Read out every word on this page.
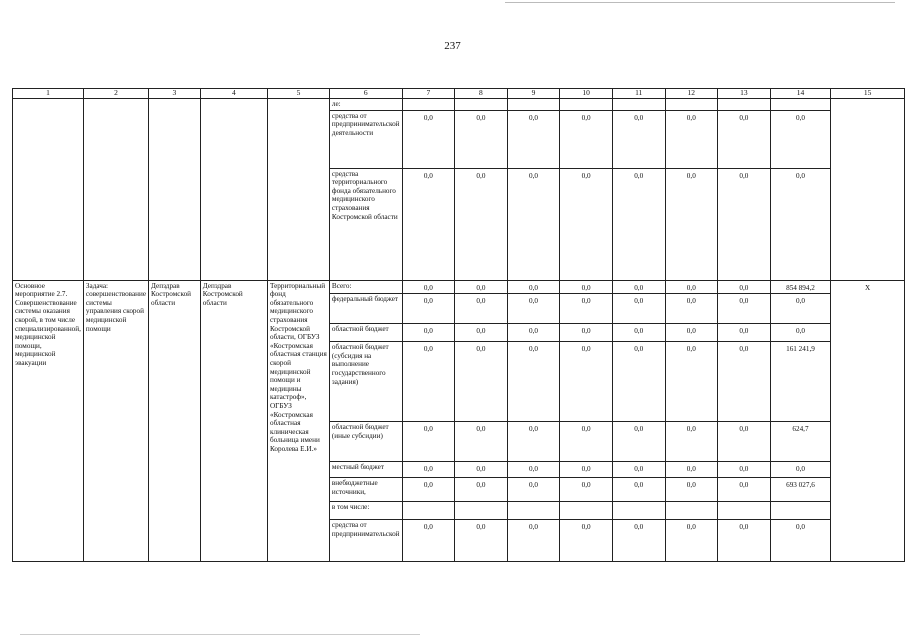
237
1	2	3	4	5	6	7	8	9	10	11	12	13	14	15
					ле:									
					средства от предпринимательской деятельности	0,0	0,0	0,0	0,0	0,0	0,0	0,0	0,0	
					средства территориального фонда обязательного медицинского страхования Костромской области	0,0	0,0	0,0	0,0	0,0	0,0	0,0	0,0	
Основное мероприятие 2.7. Совершенствование системы оказания скорой, в том числе специализированной, медицинской помощи, медицинской эвакуации	Задача: совершенствование системы управления скорой медицинской помощи	Депздрав Костромской области	Депздрав Костромской области	Территориальный фонд обязательного медицинского страхования Костромской области, ОГБУЗ «Костромская областная станция скорой медицинской помощи и медицины катастроф», ОГБУЗ «Костромская областная клиническая больница имени Королева Е.И.»	Всего:	0,0	0,0	0,0	0,0	0,0	0,0	0,0	854 894,2	Х
					федеральный бюджет	0,0	0,0	0,0	0,0	0,0	0,0	0,0	0,0	
					областной бюджет	0,0	0,0	0,0	0,0	0,0	0,0	0,0	0,0	
					областной бюджет (субсидия на выполнение государственного задания)	0,0	0,0	0,0	0,0	0,0	0,0	0,0	161 241,9	
					областной бюджет (иные субсидии)	0,0	0,0	0,0	0,0	0,0	0,0	0,0	624,7	
					местный бюджет	0,0	0,0	0,0	0,0	0,0	0,0	0,0	0,0	
					внебюджетные источники,	0,0	0,0	0,0	0,0	0,0	0,0	0,0	693 027,6	
					в том числе:									
					средства от предпринимательской	0,0	0,0	0,0	0,0	0,0	0,0	0,0	0,0	
